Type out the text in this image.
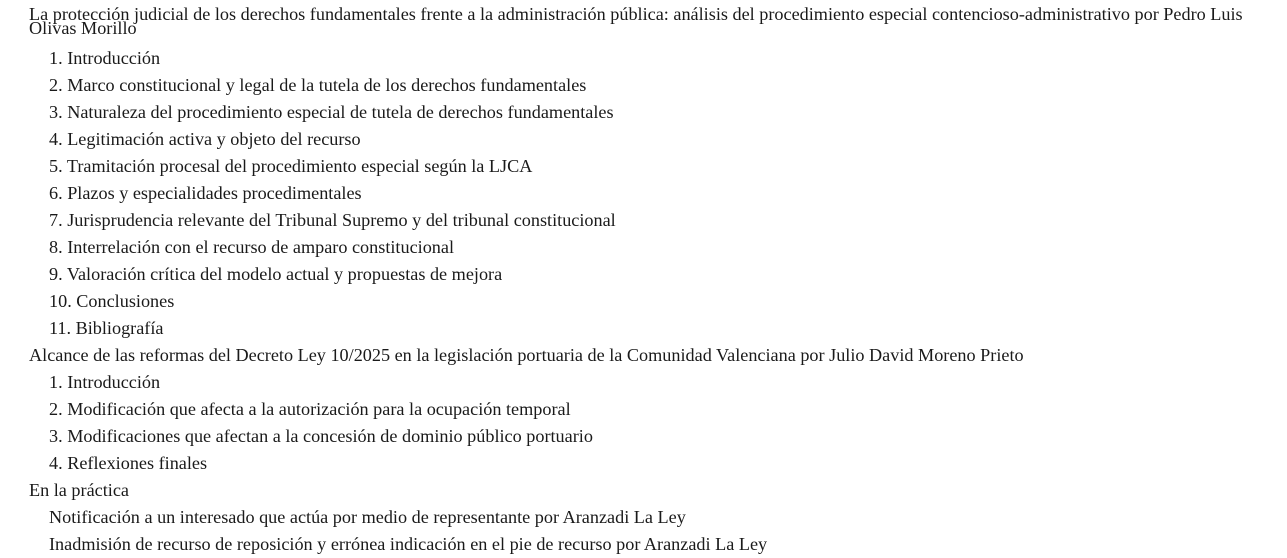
La protección judicial de los derechos fundamentales frente a la administración pública: análisis del procedimiento especial contencioso-administrativo por Pedro Luis Olivas Morillo

1. Introducción
2. Marco constitucional y legal de la tutela de los derechos fundamentales
3. Naturaleza del procedimiento especial de tutela de derechos fundamentales
4. Legitimación activa y objeto del recurso
5. Tramitación procesal del procedimiento especial según la LJCA
6. Plazos y especialidades procedimentales
7. Jurisprudencia relevante del Tribunal Supremo y del tribunal constitucional
8. Interrelación con el recurso de amparo constitucional
9. Valoración crítica del modelo actual y propuestas de mejora
10. Conclusiones
11. Bibliografía

Alcance de las reformas del Decreto Ley 10/2025 en la legislación portuaria de la Comunidad Valenciana por Julio David Moreno Prieto

1. Introducción
2. Modificación que afecta a la autorización para la ocupación temporal
3. Modificaciones que afectan a la concesión de dominio público portuario
4. Reflexiones finales

En la práctica

Notificación a un interesado que actúa por medio de representante por Aranzadi La Ley
Inadmisión de recurso de reposición y errónea indicación en el pie de recurso por Aranzadi La Ley
